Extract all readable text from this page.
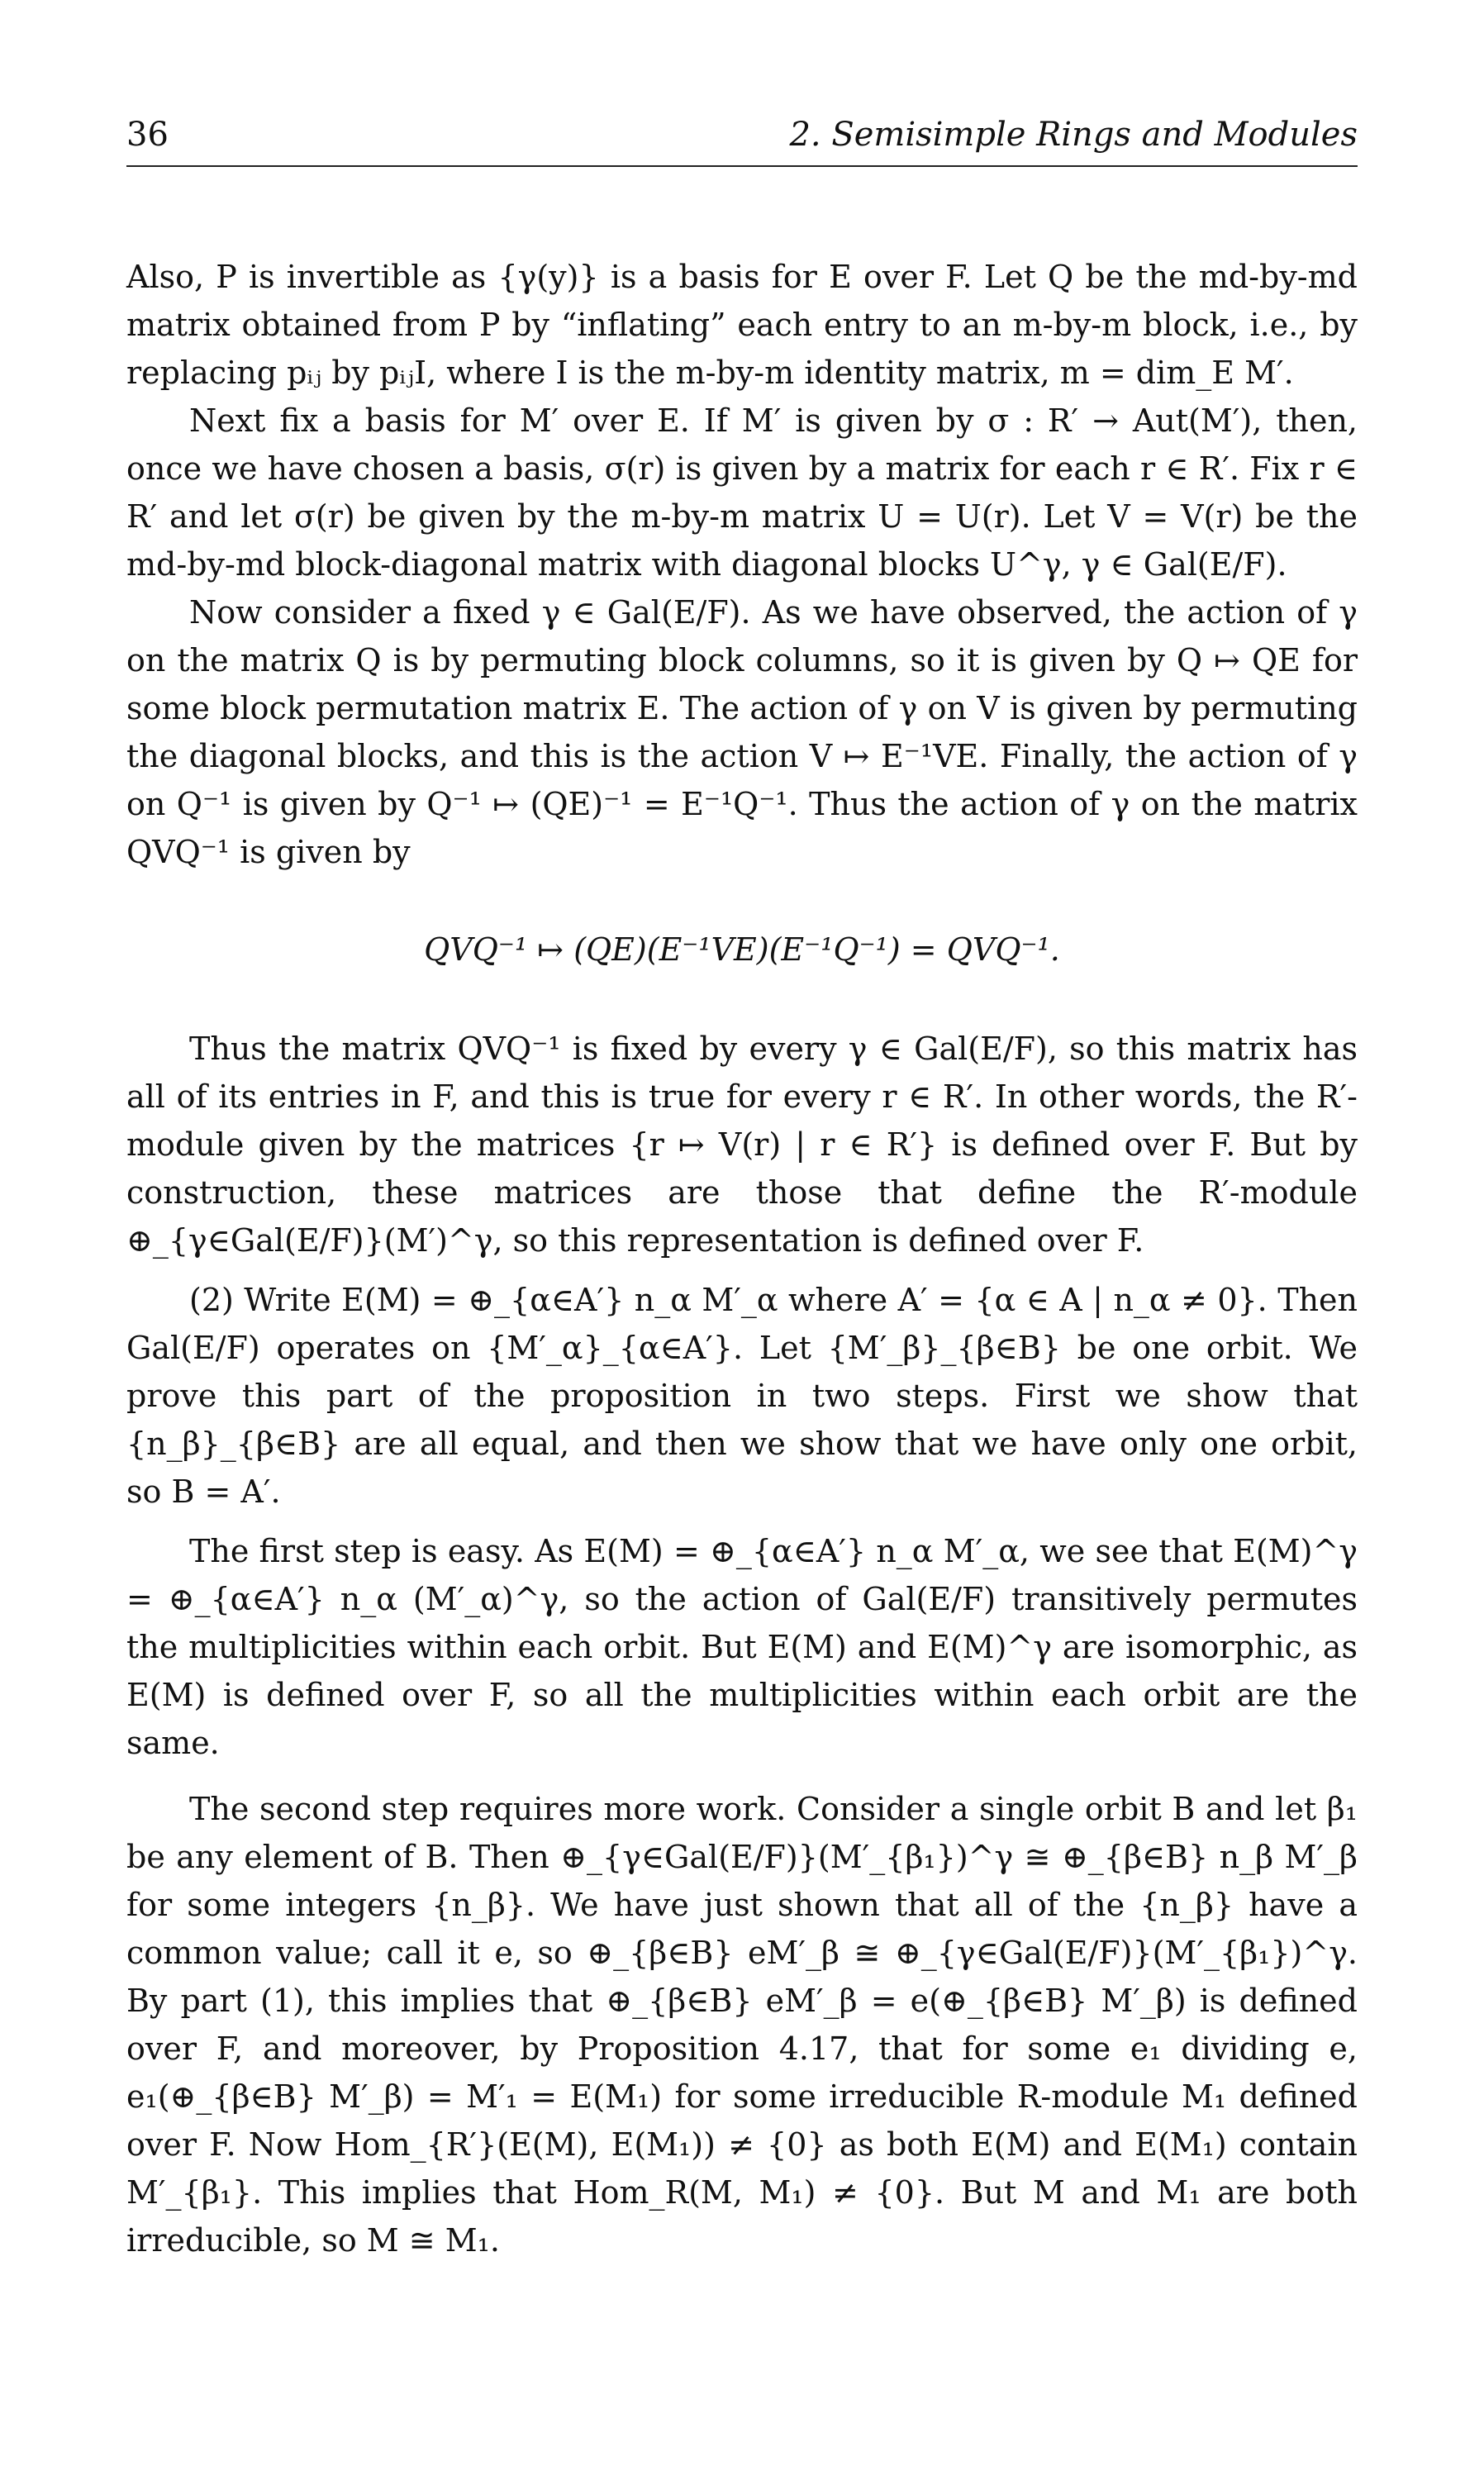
36	2. Semisimple Rings and Modules

Also, P is invertible as {γ(y)} is a basis for E over F. Let Q be the md-by-md matrix obtained from P by “inflating” each entry to an m-by-m block, i.e., by replacing pᵢⱼ by pᵢⱼI, where I is the m-by-m identity matrix, m = dim_E M′.

Next fix a basis for M′ over E. If M′ is given by σ : R′ → Aut(M′), then, once we have chosen a basis, σ(r) is given by a matrix for each r ∈ R′. Fix r ∈ R′ and let σ(r) be given by the m-by-m matrix U = U(r). Let V = V(r) be the md-by-md block-diagonal matrix with diagonal blocks U^γ, γ ∈ Gal(E/F).

Now consider a fixed γ ∈ Gal(E/F). As we have observed, the action of γ on the matrix Q is by permuting block columns, so it is given by Q ↦ QE for some block permutation matrix E. The action of γ on V is given by permuting the diagonal blocks, and this is the action V ↦ E⁻¹VE. Finally, the action of γ on Q⁻¹ is given by Q⁻¹ ↦ (QE)⁻¹ = E⁻¹Q⁻¹. Thus the action of γ on the matrix QVQ⁻¹ is given by

QVQ⁻¹ ↦ (QE)(E⁻¹VE)(E⁻¹Q⁻¹) = QVQ⁻¹.

Thus the matrix QVQ⁻¹ is fixed by every γ ∈ Gal(E/F), so this matrix has all of its entries in F, and this is true for every r ∈ R′. In other words, the R′-module given by the matrices {r ↦ V(r) | r ∈ R′} is defined over F. But by construction, these matrices are those that define the R′-module ⊕_{γ∈Gal(E/F)}(M′)^γ, so this representation is defined over F.

(2) Write E(M) = ⊕_{α∈A′} n_α M′_α where A′ = {α ∈ A | n_α ≠ 0}. Then Gal(E/F) operates on {M′_α}_{α∈A′}. Let {M′_β}_{β∈B} be one orbit. We prove this part of the proposition in two steps. First we show that {n_β}_{β∈B} are all equal, and then we show that we have only one orbit, so B = A′.

The first step is easy. As E(M) = ⊕_{α∈A′} n_α M′_α, we see that E(M)^γ = ⊕_{α∈A′} n_α (M′_α)^γ, so the action of Gal(E/F) transitively permutes the multiplicities within each orbit. But E(M) and E(M)^γ are isomorphic, as E(M) is defined over F, so all the multiplicities within each orbit are the same.

The second step requires more work. Consider a single orbit B and let β₁ be any element of B. Then ⊕_{γ∈Gal(E/F)}(M′_{β₁})^γ ≅ ⊕_{β∈B} n_β M′_β for some integers {n_β}. We have just shown that all of the {n_β} have a common value; call it e, so ⊕_{β∈B} eM′_β ≅ ⊕_{γ∈Gal(E/F)}(M′_{β₁})^γ. By part (1), this implies that ⊕_{β∈B} eM′_β = e(⊕_{β∈B} M′_β) is defined over F, and moreover, by Proposition 4.17, that for some e₁ dividing e, e₁(⊕_{β∈B} M′_β) = M′₁ = E(M₁) for some irreducible R-module M₁ defined over F. Now Hom_{R′}(E(M), E(M₁)) ≠ {0} as both E(M) and E(M₁) contain M′_{β₁}. This implies that Hom_R(M, M₁) ≠ {0}. But M and M₁ are both irreducible, so M ≅ M₁.
